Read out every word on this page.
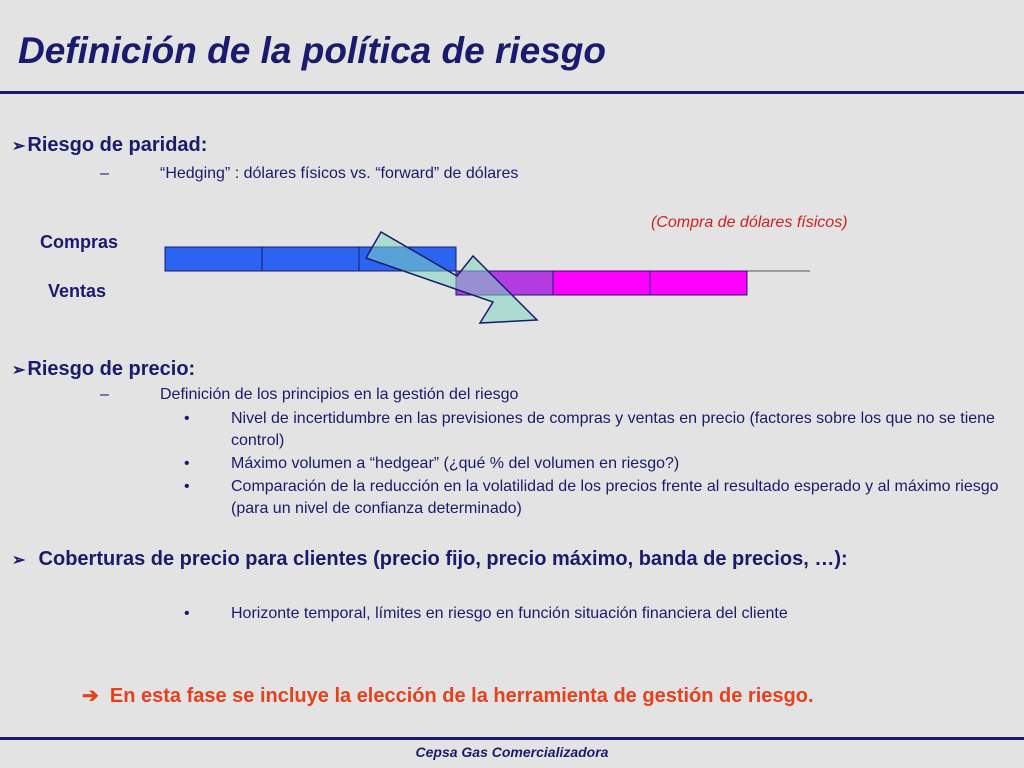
Definición de la política de riesgo
➢ Riesgo de paridad:
–	“Hedging” : dólares físicos vs. “forward” de dólares
(Compra de dólares físicos)
Compras
Ventas
➢ Riesgo de precio:
–	Definición de los principios en la gestión del riesgo
•	Nivel de incertidumbre en las previsiones de compras y ventas en precio (factores sobre los que no se tiene control)
•	Máximo volumen a “hedgear” (¿qué % del volumen en riesgo?)
•	Comparación de la reducción en la volatilidad de los precios frente al resultado esperado y al máximo riesgo (para un nivel de confianza determinado)
➢ Coberturas de precio para clientes (precio fijo, precio máximo, banda de precios, …):
•	Horizonte temporal, límites en riesgo en función situación financiera del cliente
➔ En esta fase se incluye la elección de la herramienta de gestión de riesgo.
Cepsa Gas Comercializadora
